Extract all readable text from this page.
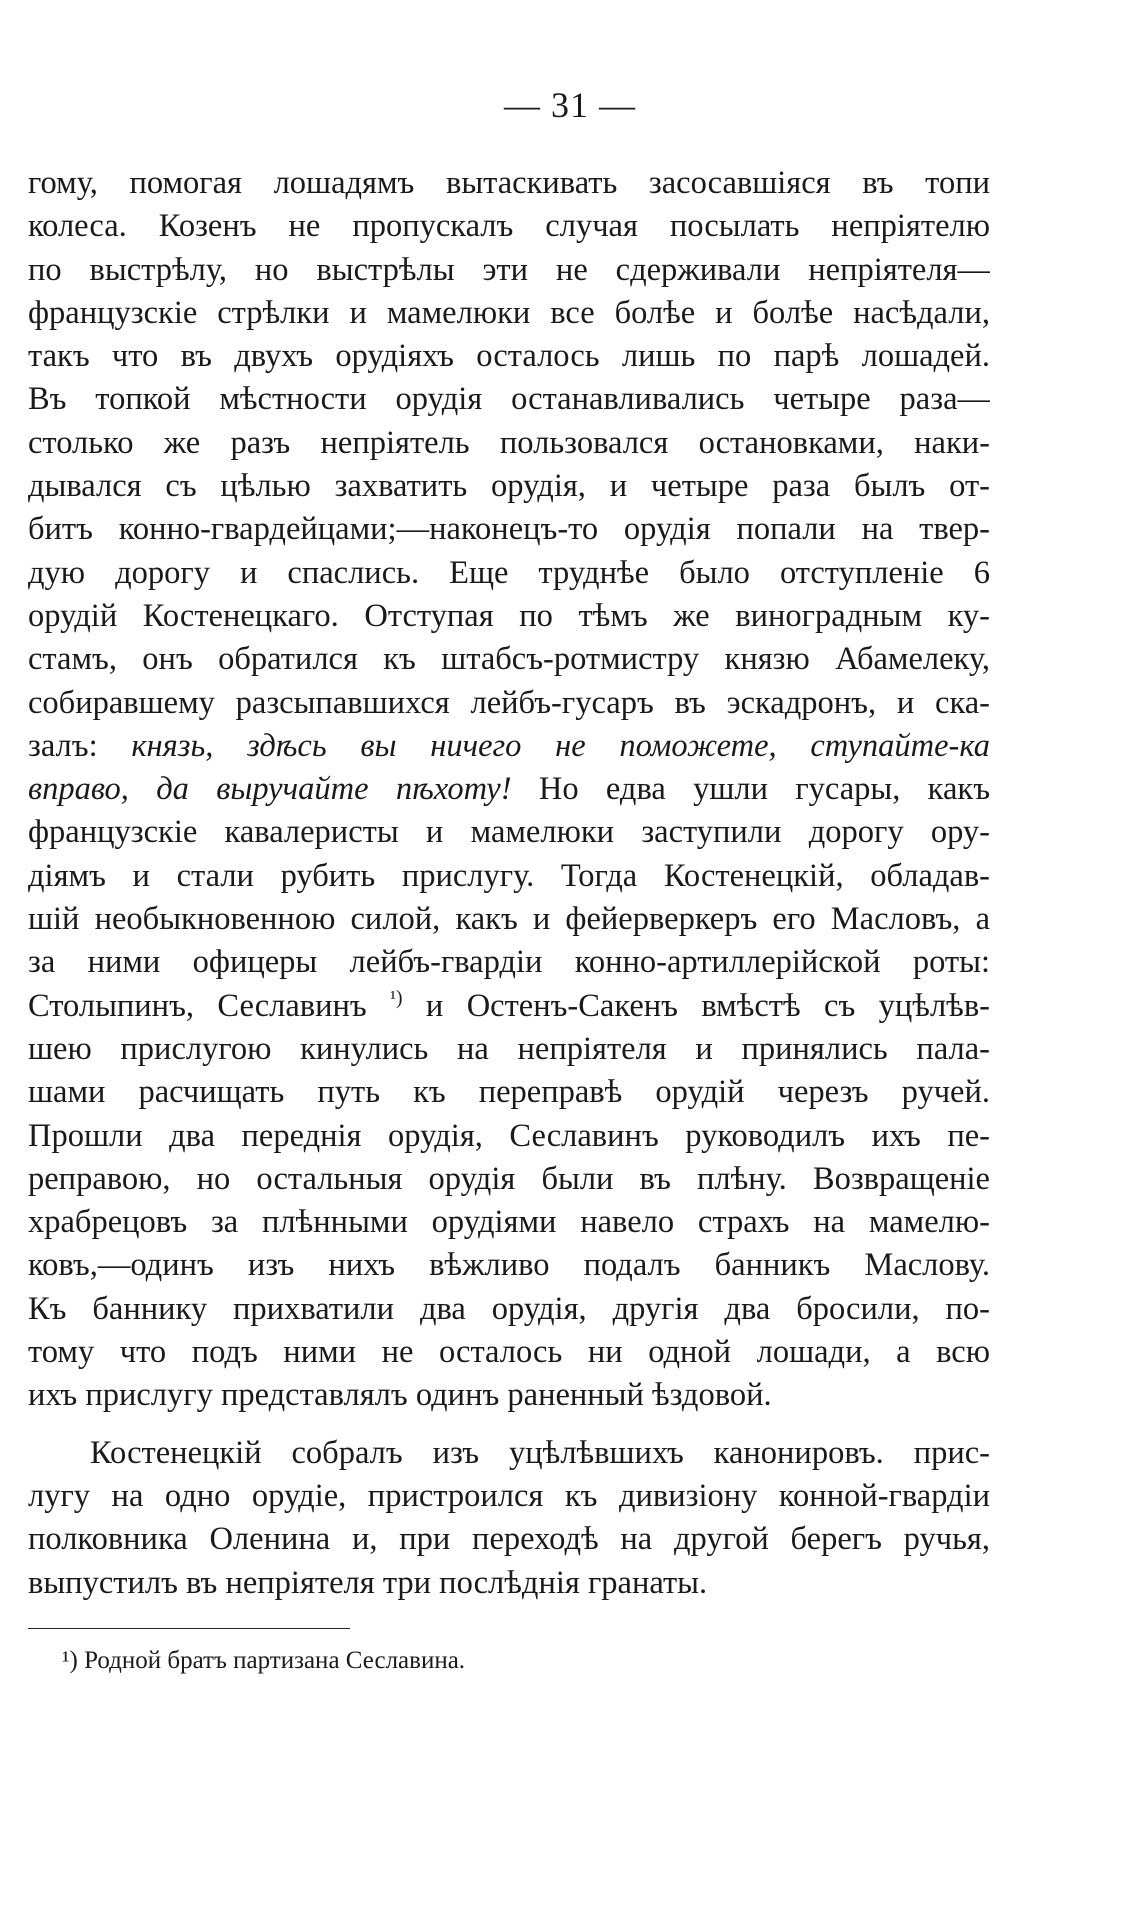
— 31 —
гому, помогая лошадямъ вытаскивать засосавшіяся въ топи
колеса. Козенъ не пропускалъ случая посылать непріятелю
по выстрѣлу, но выстрѣлы эти не сдерживали непріятеля—
французскіе стрѣлки и мамелюки все болѣе и болѣе насѣдали,
такъ что въ двухъ орудіяхъ осталось лишь по парѣ лошадей.
Въ топкой мѣстности орудія останавливались четыре раза—
столько же разъ непріятель пользовался остановками, наки-
дывался съ цѣлью захватить орудія, и четыре раза былъ от-
битъ конно-гвардейцами;—наконецъ-то орудія попали на твер-
дую дорогу и спаслись. Еще труднѣе было отступленіе 6
орудій Костенецкаго. Отступая по тѣмъ же виноградным ку-
стамъ, онъ обратился къ штабсъ-ротмистру князю Абамелеку,
собиравшему разсыпавшихся лейбъ-гусаръ въ эскадронъ, и ска-
залъ: князь, здѣсь вы ничего не поможете, ступайте-ка
вправо, да выручайте пѣхоту! Но едва ушли гусары, какъ
французскіе кавалеристы и мамелюки заступили дорогу ору-
діямъ и стали рубить прислугу. Тогда Костенецкій, обладав-
шій необыкновенною силой, какъ и фейерверкеръ его Масловъ, а
за ними офицеры лейбъ-гвардіи конно-артиллерійской роты:
Столыпинъ, Сеславинъ $^{^1)}$ и Остенъ-Сакенъ вмѣстѣ съ уцѣлѣв-
шею прислугою кинулись на непріятеля и принялись пала-
шами расчищать путь къ переправѣ орудій черезъ ручей.
Прошли два переднія орудія, Сеславинъ руководилъ ихъ пе-
реправою, но остальныя орудія были въ плѣну. Возвращеніе
храбрецовъ за плѣнными орудіями навело страхъ на мамелю-
ковъ,—одинъ изъ нихъ вѣжливо подалъ банникъ Маслову.
Къ баннику прихватили два орудія, другія два бросили, по-
тому что подъ ними не осталось ни одной лошади, а всю
ихъ прислугу представлялъ одинъ раненный ѣздовой.
Костенецкій собралъ изъ уцѣлѣвшихъ канонировъ. прис-
лугу на одно орудіе, пристроился къ дивизіону конной-гвардіи
полковника Оленина и, при переходѣ на другой берегъ ручья,
выпустилъ въ непріятеля три послѣднія гранаты.
¹) Родной братъ партизана Сеславина.
